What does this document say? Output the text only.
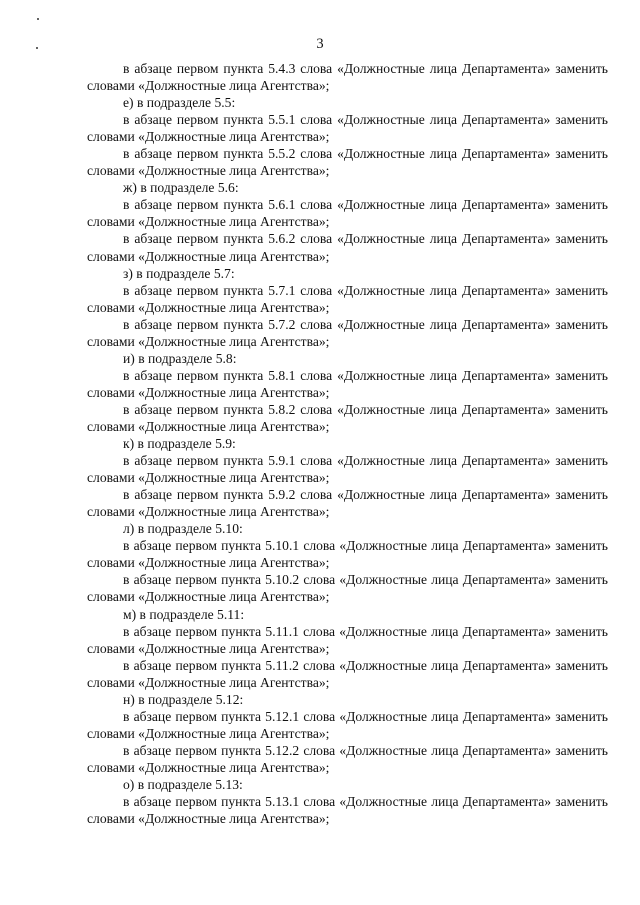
3

в абзаце первом пункта 5.4.3 слова «Должностные лица Департамента» заменить словами «Должностные лица Агентства»;

е) в подразделе 5.5:

в абзаце первом пункта 5.5.1 слова «Должностные лица Департамента» заменить словами «Должностные лица Агентства»;

в абзаце первом пункта 5.5.2 слова «Должностные лица Департамента» заменить словами «Должностные лица Агентства»;

ж) в подразделе 5.6:

в абзаце первом пункта 5.6.1 слова «Должностные лица Департамента» заменить словами «Должностные лица Агентства»;

в абзаце первом пункта 5.6.2 слова «Должностные лица Департамента» заменить словами «Должностные лица Агентства»;

з) в подразделе 5.7:

в абзаце первом пункта 5.7.1 слова «Должностные лица Департамента» заменить словами «Должностные лица Агентства»;

в абзаце первом пункта 5.7.2 слова «Должностные лица Департамента» заменить словами «Должностные лица Агентства»;

и) в подразделе 5.8:

в абзаце первом пункта 5.8.1 слова «Должностные лица Департамента» заменить словами «Должностные лица Агентства»;

в абзаце первом пункта 5.8.2 слова «Должностные лица Департамента» заменить словами «Должностные лица Агентства»;

к) в подразделе 5.9:

в абзаце первом пункта 5.9.1 слова «Должностные лица Департамента» заменить словами «Должностные лица Агентства»;

в абзаце первом пункта 5.9.2 слова «Должностные лица Департамента» заменить словами «Должностные лица Агентства»;

л) в подразделе 5.10:

в абзаце первом пункта 5.10.1 слова «Должностные лица Департамента» заменить словами «Должностные лица Агентства»;

в абзаце первом пункта 5.10.2 слова «Должностные лица Департамента» заменить словами «Должностные лица Агентства»;

м) в подразделе 5.11:

в абзаце первом пункта 5.11.1 слова «Должностные лица Департамента» заменить словами «Должностные лица Агентства»;

в абзаце первом пункта 5.11.2 слова «Должностные лица Департамента» заменить словами «Должностные лица Агентства»;

н) в подразделе 5.12:

в абзаце первом пункта 5.12.1 слова «Должностные лица Департамента» заменить словами «Должностные лица Агентства»;

в абзаце первом пункта 5.12.2 слова «Должностные лица Департамента» заменить словами «Должностные лица Агентства»;

о) в подразделе 5.13:

в абзаце первом пункта 5.13.1 слова «Должностные лица Департамента» заменить словами «Должностные лица Агентства»;
